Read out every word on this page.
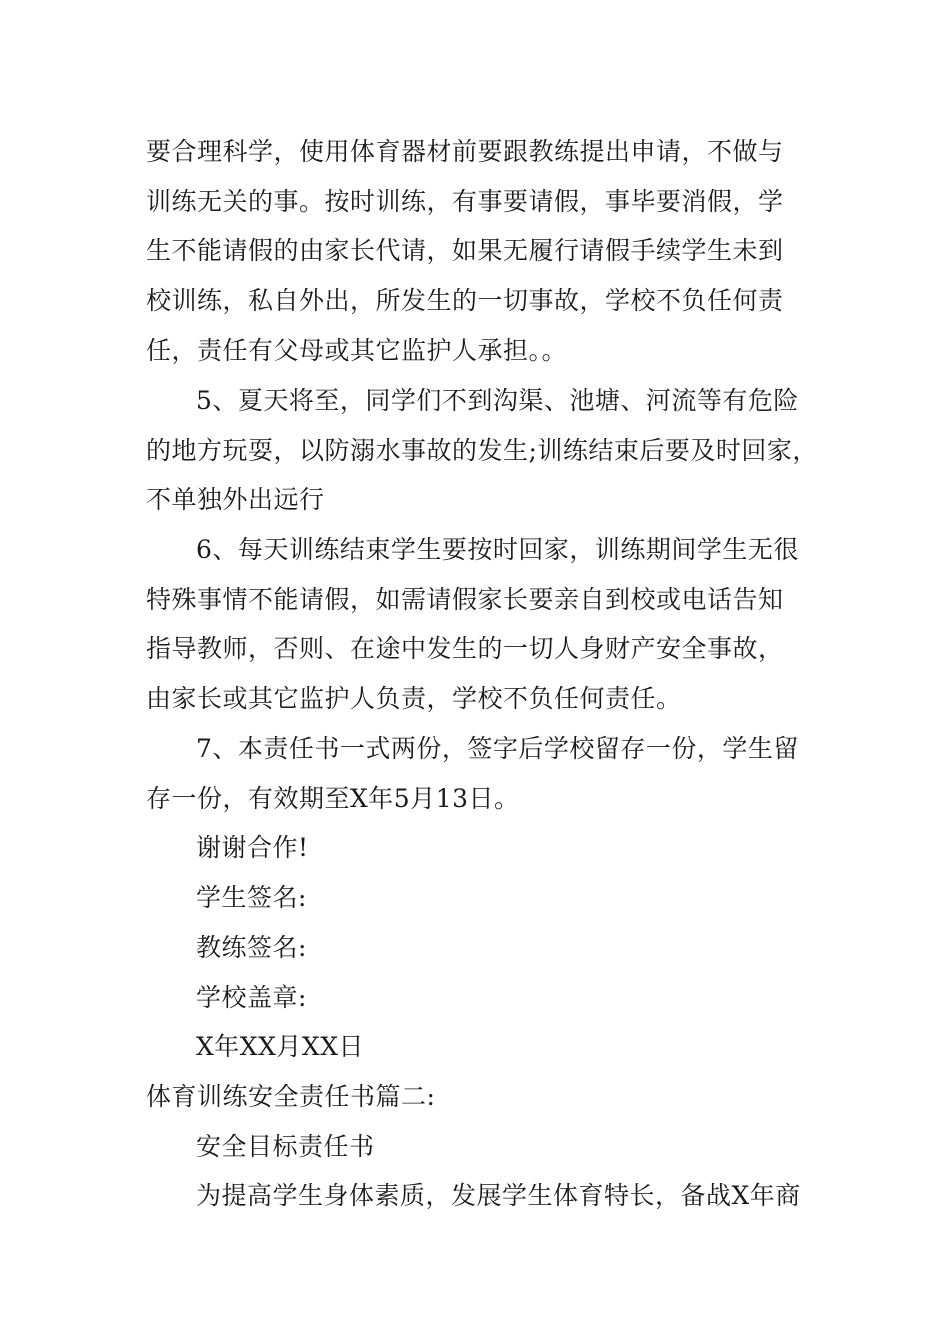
要合理科学，使用体育器材前要跟教练提出申请，不做与
训练无关的事。按时训练，有事要请假，事毕要消假，学
生不能请假的由家长代请，如果无履行请假手续学生未到
校训练，私自外出，所发生的一切事故，学校不负任何责
任，责任有父母或其它监护人承担。。
5、夏天将至，同学们不到沟渠、池塘、河流等有危险
的地方玩耍，以防溺水事故的发生;训练结束后要及时回家，
不单独外出远行
6、每天训练结束学生要按时回家，训练期间学生无很
特殊事情不能请假，如需请假家长要亲自到校或电话告知
指导教师，否则、在途中发生的一切人身财产安全事故，
由家长或其它监护人负责，学校不负任何责任。
7、本责任书一式两份，签字后学校留存一份，学生留
存一份，有效期至X年5月13日。
谢谢合作!
学生签名:
教练签名:
学校盖章:
X年XX月XX日
体育训练安全责任书篇二:
安全目标责任书
为提高学生身体素质，发展学生体育特长，备战X年商
